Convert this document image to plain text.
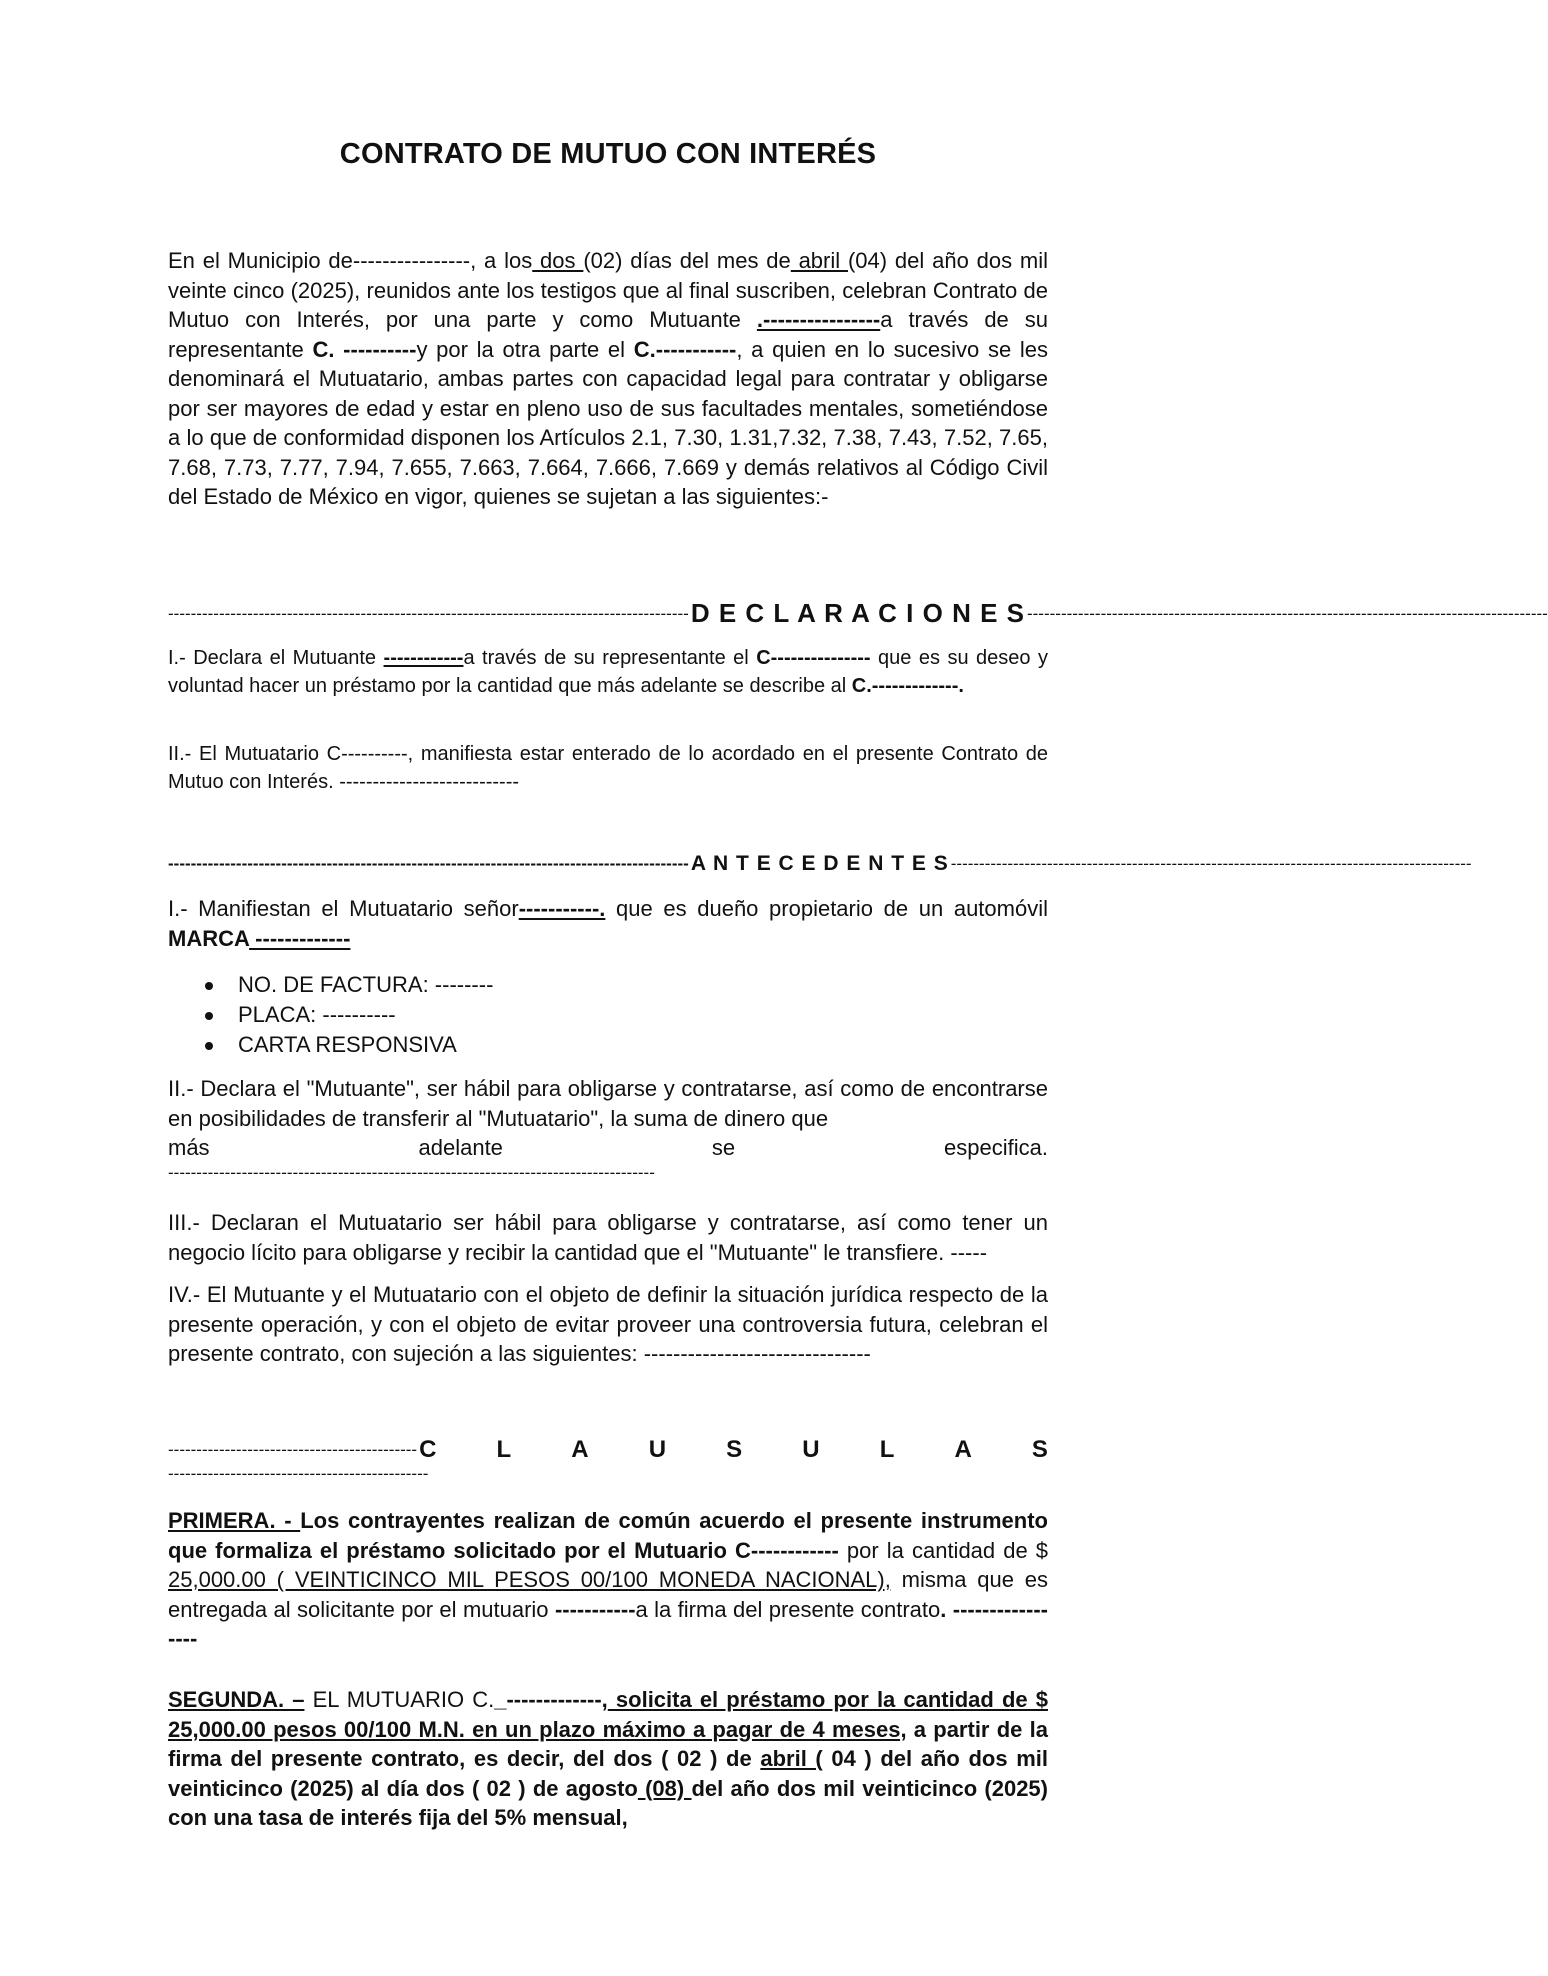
CONTRATO DE MUTUO CON INTERÉS
En el Municipio de----------------, a los dos (02) días del mes de abril (04) del año dos mil veinte cinco (2025), reunidos ante los testigos que al final suscriben, celebran Contrato de Mutuo con Interés, por una parte y como Mutuante .----------------a través de su representante C. ----------y por la otra parte el C.-----------, a quien en lo sucesivo se les denominará el Mutuatario, ambas partes con capacidad legal para contratar y obligarse por ser mayores de edad y estar en pleno uso de sus facultades mentales, sometiéndose a lo que de conformidad disponen los Artículos 2.1, 7.30, 1.31,7.32, 7.38, 7.43, 7.52, 7.65, 7.68, 7.73, 7.77, 7.94, 7.655, 7.663, 7.664, 7.666, 7.669 y demás relativos al Código Civil del Estado de México en vigor, quienes se sujetan a las siguientes:-
-------------------------------------------------------------------------------------------- D E C L A R A C I O N E S --------------------------------------------------------------------------------------------
I.- Declara el Mutuante ------------a través de su representante el C--------------- que es su deseo y voluntad hacer un préstamo por la cantidad que más adelante se describe al C.-------------.
II.- El Mutuatario C----------, manifiesta estar enterado de lo acordado en el presente Contrato de Mutuo con Interés. ---------------------------
-------------------------------------------------------------------------------------------- A N T E C E D E N T E S --------------------------------------------------------------------------------------------
I.- Manifiestan el Mutuatario señor-----------. que es dueño propietario de un automóvil MARCA -------------
NO. DE FACTURA: --------
PLACA: ----------
CARTA RESPONSIVA
II.- Declara el "Mutuante", ser hábil para obligarse y contratarse, así como de encontrarse en posibilidades de transferir al "Mutuatario", la suma de dinero que
más	adelante	se	especifica.
--------------------------------------------------------------------------------------
III.- Declaran el Mutuatario ser hábil para obligarse y contratarse, así como tener un negocio lícito para obligarse y recibir la cantidad que el "Mutuante" le transfiere. -----
IV.- El Mutuante y el Mutuatario con el objeto de definir la situación jurídica respecto de la presente operación, y con el objeto de evitar proveer una controversia futura, celebran el presente contrato, con sujeción a las siguientes: -------------------------------
-------------------------------------------- C	L	A	U	S	U	L	A	S
----------------------------------------------
PRIMERA. - Los contrayentes realizan de común acuerdo el presente instrumento que formaliza el préstamo solicitado por el Mutuario C------------ por la cantidad de $ 25,000.00 ( VEINTICINCO MIL PESOS 00/100 MONEDA NACIONAL), misma que es entregada al solicitante por el mutuario -----------a la firma del presente contrato. -----------------
SEGUNDA. – EL MUTUARIO C._-------------, solicita el préstamo por la cantidad de $ 25,000.00 pesos 00/100 M.N. en un plazo máximo a pagar de 4 meses, a partir de la firma del presente contrato, es decir, del dos ( 02 ) de abril ( 04 ) del año dos mil veinticinco (2025) al día dos ( 02 ) de agosto (08) del año dos mil veinticinco (2025) con una tasa de interés fija del 5% mensual,
